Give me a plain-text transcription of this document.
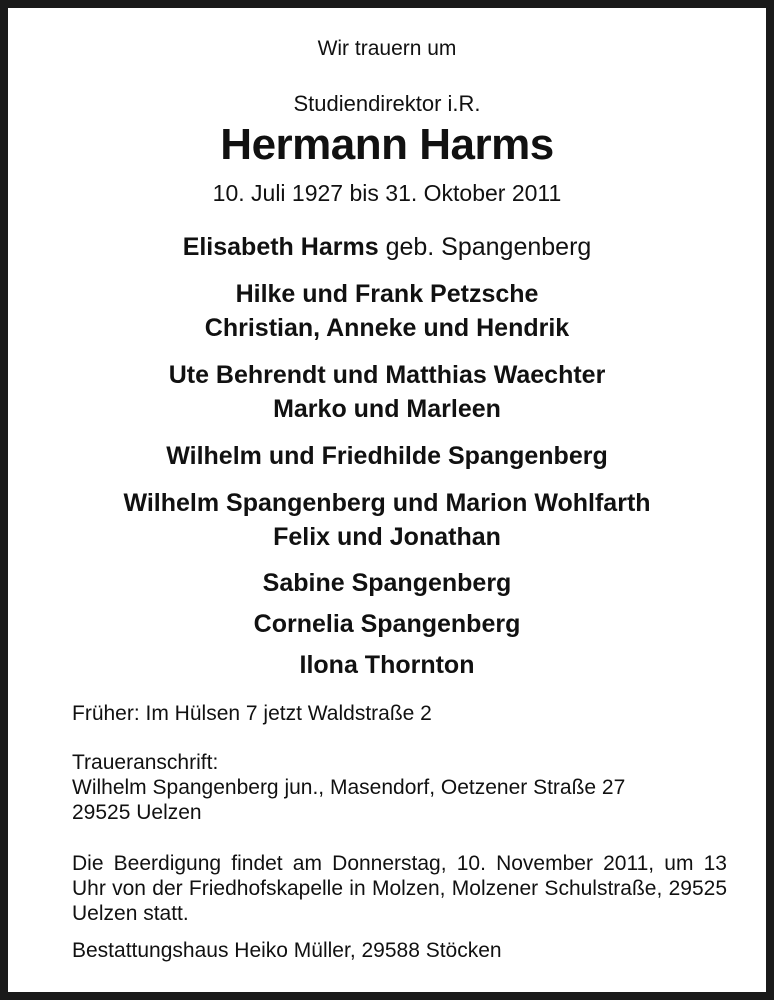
Wir trauern um
Studiendirektor i.R.
Hermann Harms
10. Juli 1927 bis 31. Oktober 2011
Elisabeth Harms geb. Spangenberg
Hilke und Frank Petzsche
Christian, Anneke und Hendrik
Ute Behrendt und Matthias Waechter
Marko und Marleen
Wilhelm und Friedhilde Spangenberg
Wilhelm Spangenberg und Marion Wohlfarth
Felix und Jonathan
Sabine Spangenberg
Cornelia Spangenberg
Ilona Thornton
Früher: Im Hülsen 7 jetzt Waldstraße 2
Traueranschrift:
Wilhelm Spangenberg jun., Masendorf, Oetzener Straße 27
29525 Uelzen
Die Beerdigung findet am Donnerstag, 10. November 2011, um 13 Uhr von der Friedhofskapelle in Molzen, Molzener Schulstraße, 29525 Uelzen statt.
Bestattungshaus Heiko Müller, 29588 Stöcken
